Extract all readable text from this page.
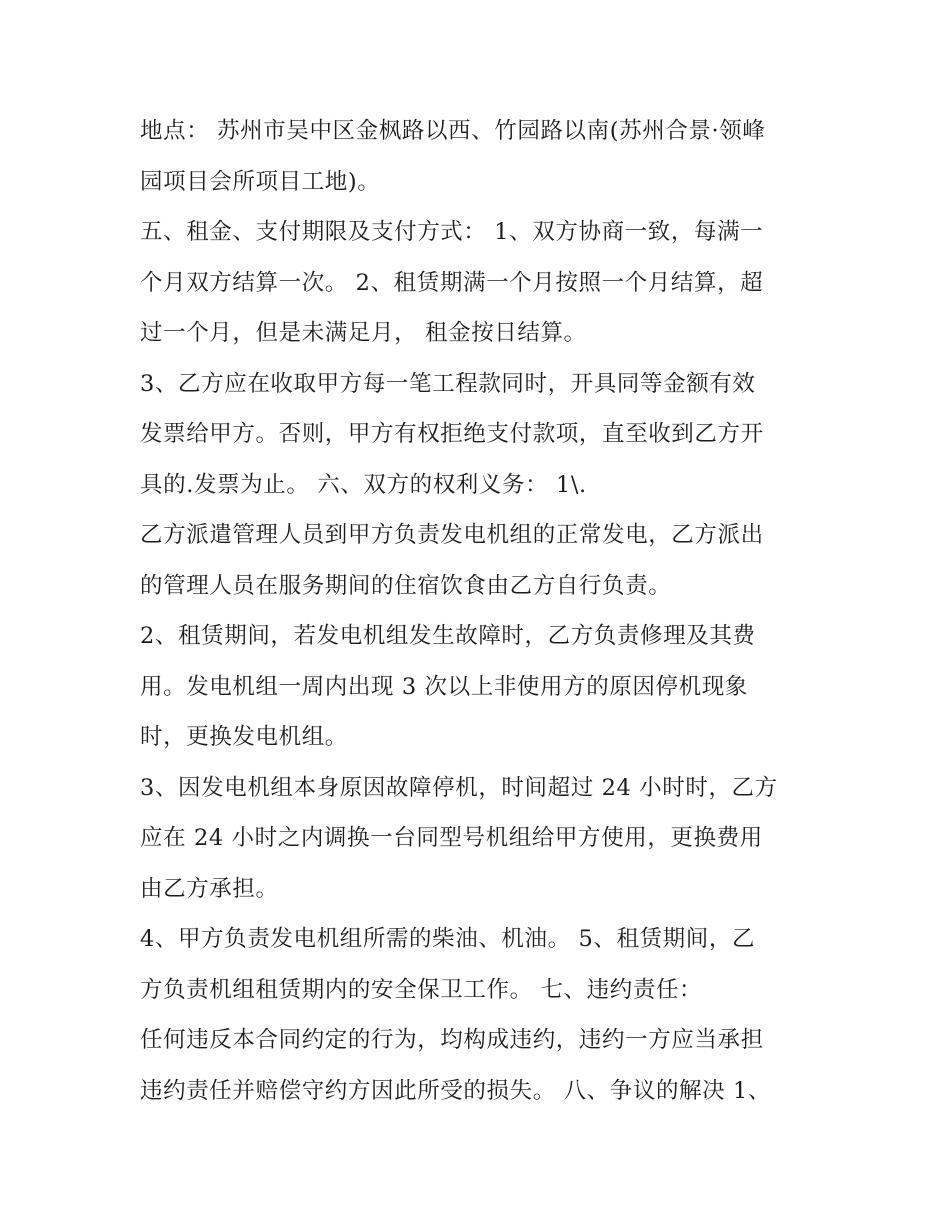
地点： 苏州市吴中区金枫路以西、竹园路以南(苏州合景·领峰
园项目会所项目工地)。
五、租金、支付期限及支付方式： 1、双方协商一致，每满一
个月双方结算一次。 2、租赁期满一个月按照一个月结算，超
过一个月，但是未满足月， 租金按日结算。
3、乙方应在收取甲方每一笔工程款同时，开具同等金额有效
发票给甲方。否则，甲方有权拒绝支付款项，直至收到乙方开
具的.发票为止。 六、双方的权利义务： 1\.
乙方派遣管理人员到甲方负责发电机组的正常发电，乙方派出
的管理人员在服务期间的住宿饮食由乙方自行负责。
2、租赁期间，若发电机组发生故障时，乙方负责修理及其费
用。发电机组一周内出现 3 次以上非使用方的原因停机现象
时，更换发电机组。
3、因发电机组本身原因故障停机，时间超过 24 小时时，乙方
应在 24 小时之内调换一台同型号机组给甲方使用，更换费用
由乙方承担。
4、甲方负责发电机组所需的柴油、机油。 5、租赁期间，乙
方负责机组租赁期内的安全保卫工作。 七、违约责任：
任何违反本合同约定的行为，均构成违约，违约一方应当承担
违约责任并赔偿守约方因此所受的损失。 八、争议的解决 1、
